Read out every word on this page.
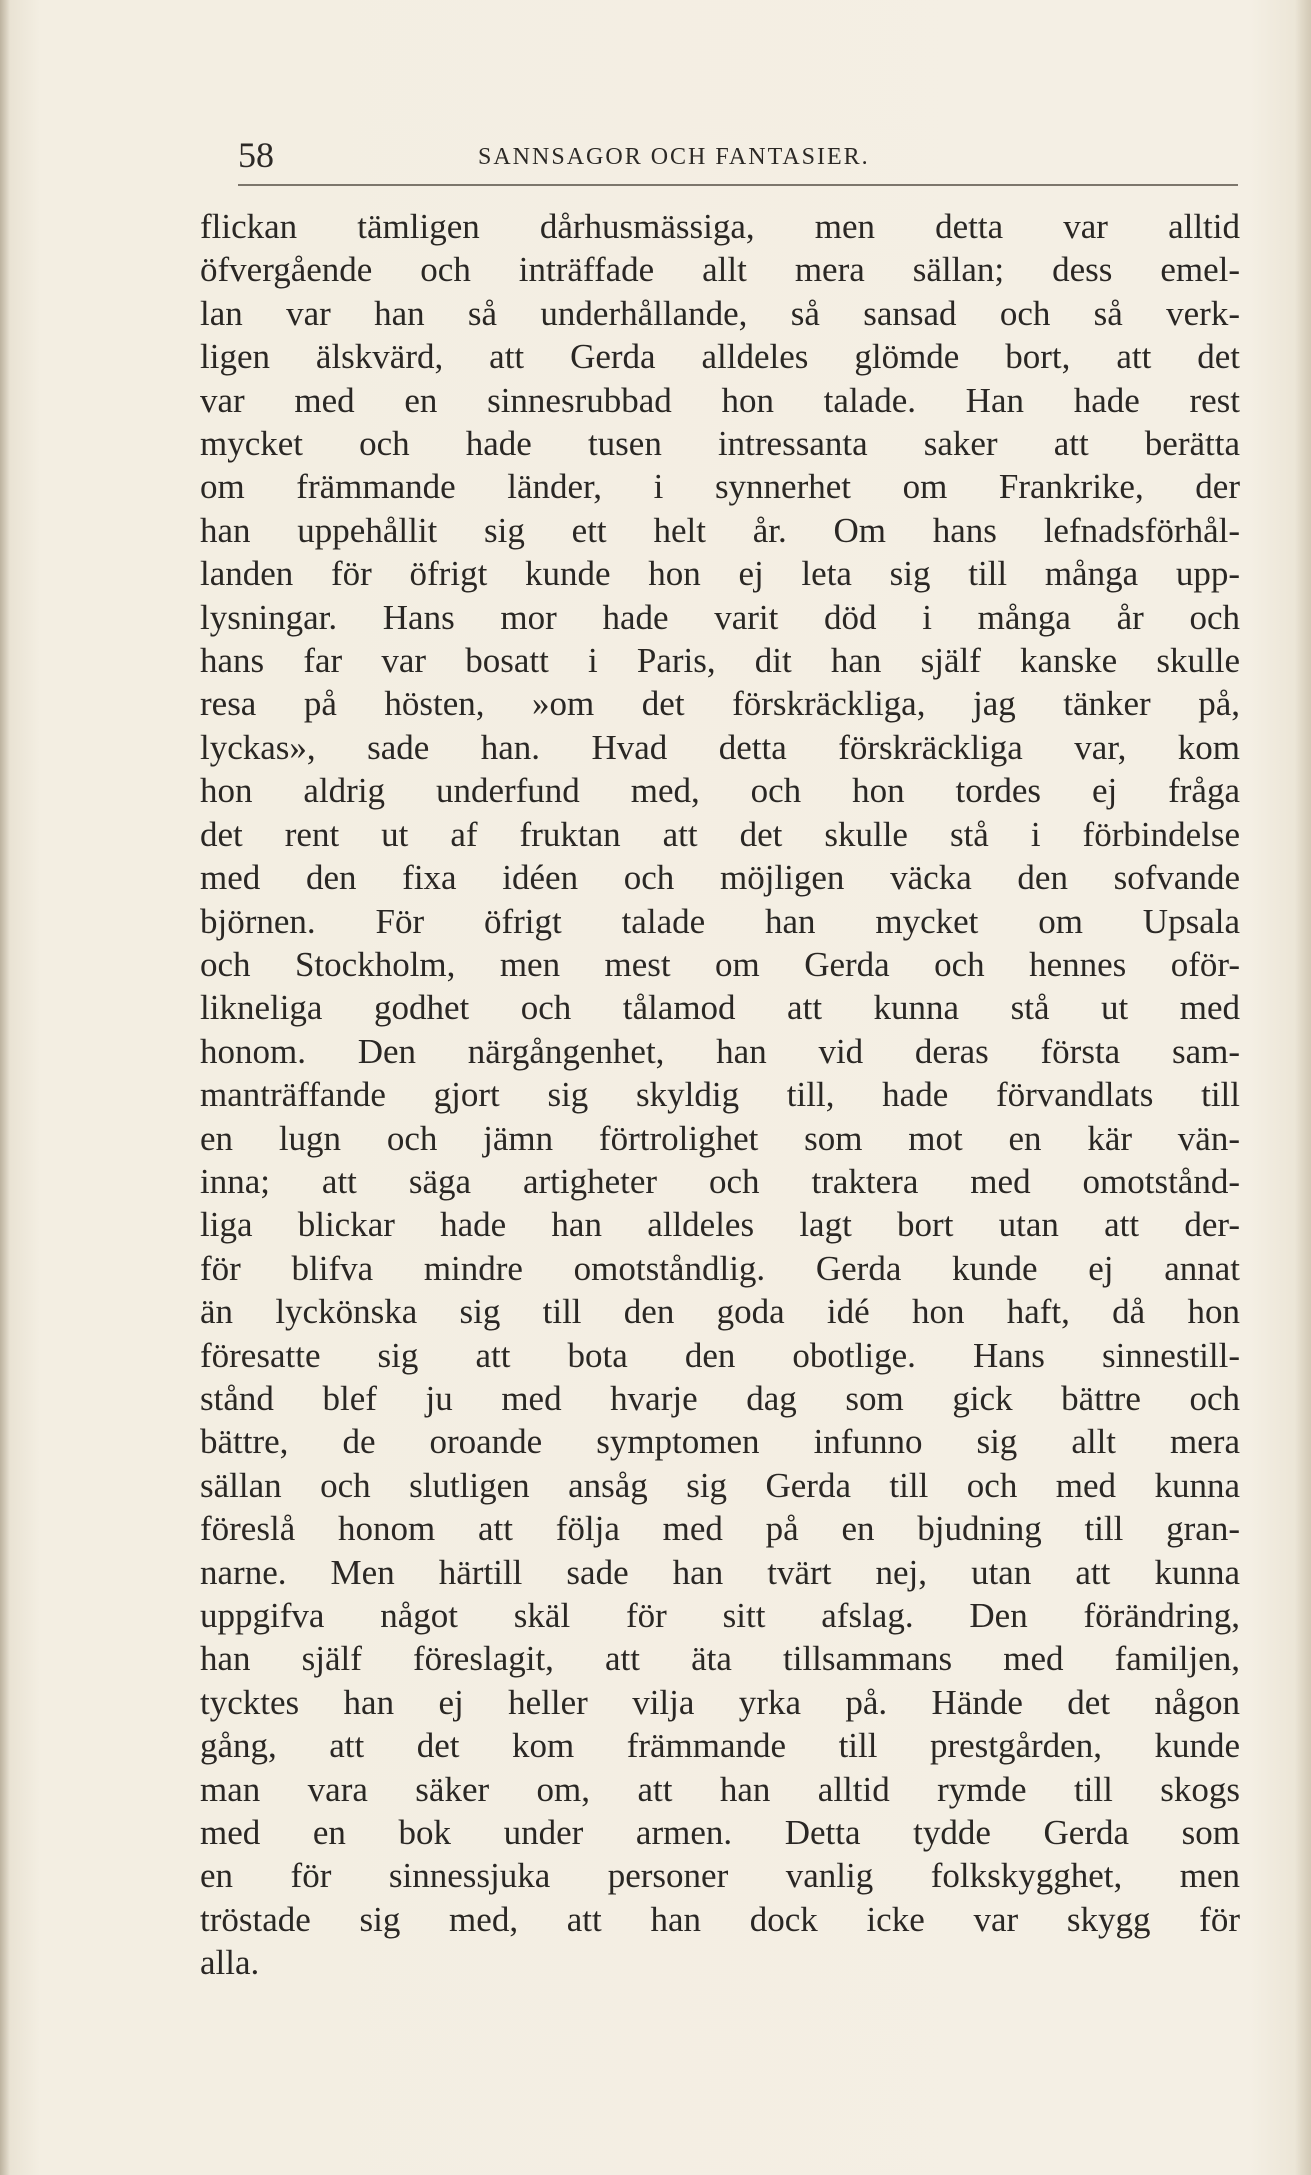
58	SANNSAGOR OCH FANTASIER.

flickan tämligen dårhusmässiga, men detta var alltid
öfvergående och inträffade allt mera sällan; dess emel-
lan var han så underhållande, så sansad och så verk-
ligen älskvärd, att Gerda alldeles glömde bort, att det
var med en sinnesrubbad hon talade. Han hade rest
mycket och hade tusen intressanta saker att berätta
om främmande länder, i synnerhet om Frankrike, der
han uppehållit sig ett helt år. Om hans lefnadsförhål-
landen för öfrigt kunde hon ej leta sig till många upp-
lysningar. Hans mor hade varit död i många år och
hans far var bosatt i Paris, dit han själf kanske skulle
resa på hösten, »om det förskräckliga, jag tänker på,
lyckas», sade han. Hvad detta förskräckliga var, kom
hon aldrig underfund med, och hon tordes ej fråga
det rent ut af fruktan att det skulle stå i förbindelse
med den fixa idéen och möjligen väcka den sofvande
björnen. För öfrigt talade han mycket om Upsala
och Stockholm, men mest om Gerda och hennes oför-
likneliga godhet och tålamod att kunna stå ut med
honom. Den närgångenhet, han vid deras första sam-
manträffande gjort sig skyldig till, hade förvandlats till
en lugn och jämn förtrolighet som mot en kär vän-
inna; att säga artigheter och traktera med omotstånd-
liga blickar hade han alldeles lagt bort utan att der-
för blifva mindre omotståndlig. Gerda kunde ej annat
än lyckönska sig till den goda idé hon haft, då hon
föresatte sig att bota den obotlige. Hans sinnestill-
stånd blef ju med hvarje dag som gick bättre och
bättre, de oroande symptomen infunno sig allt mera
sällan och slutligen ansåg sig Gerda till och med kunna
föreslå honom att följa med på en bjudning till gran-
narne. Men härtill sade han tvärt nej, utan att kunna
uppgifva något skäl för sitt afslag. Den förändring,
han själf föreslagit, att äta tillsammans med familjen,
tycktes han ej heller vilja yrka på. Hände det någon
gång, att det kom främmande till prestgården, kunde
man vara säker om, att han alltid rymde till skogs
med en bok under armen. Detta tydde Gerda som
en för sinnessjuka personer vanlig folkskygghet, men
tröstade sig med, att han dock icke var skygg för
alla.
